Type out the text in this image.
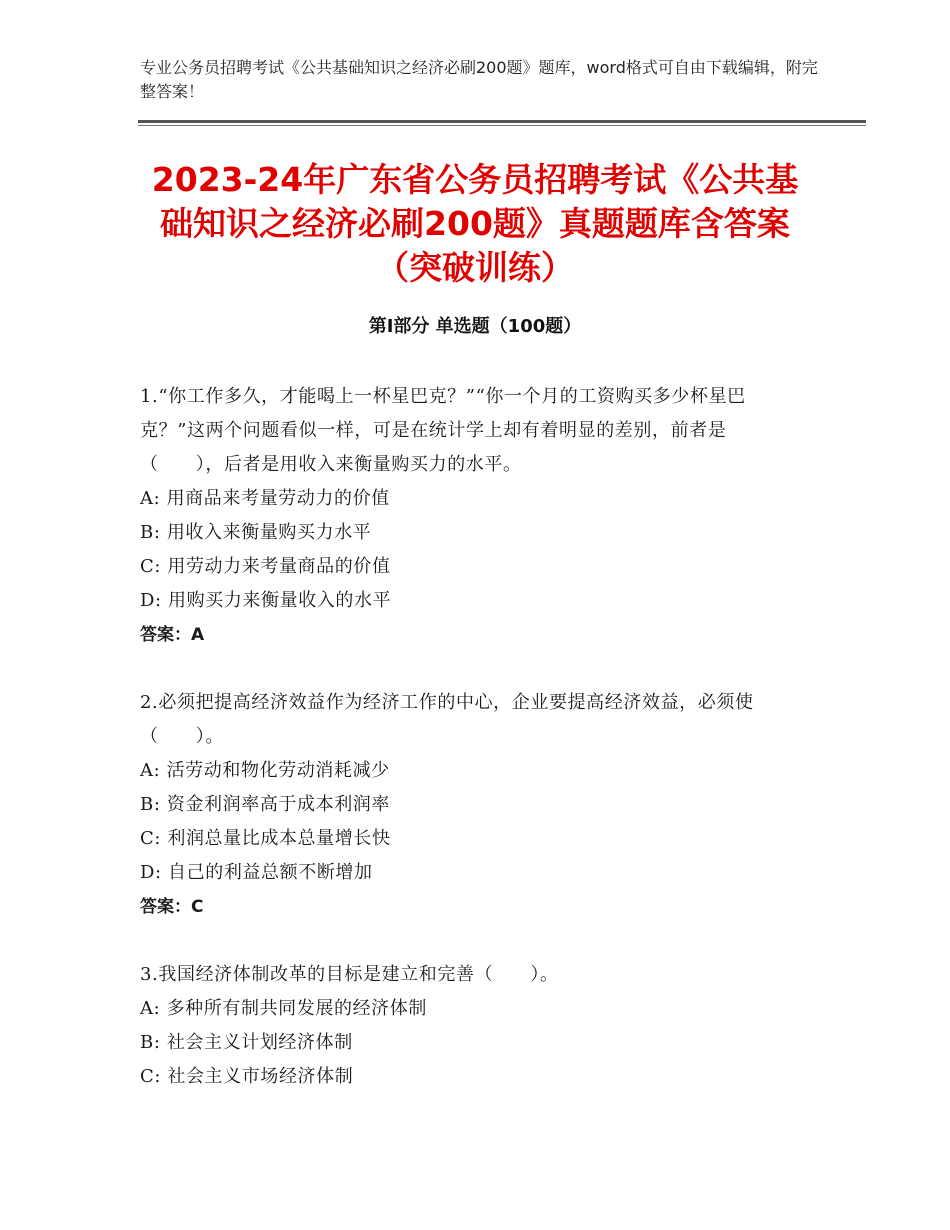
专业公务员招聘考试《公共基础知识之经济必刷200题》题库，word格式可自由下载编辑，附完整答案！
2023-24年广东省公务员招聘考试《公共基础知识之经济必刷200题》真题题库含答案（突破训练）
第Ⅰ部分 单选题（100题）
1.“你工作多久，才能喝上一杯星巴克？”“你一个月的工资购买多少杯星巴克？”这两个问题看似一样，可是在统计学上却有着明显的差别，前者是（　　），后者是用收入来衡量购买力的水平。
A: 用商品来考量劳动力的价值
B: 用收入来衡量购买力水平
C: 用劳动力来考量商品的价值
D: 用购买力来衡量收入的水平
答案：A
2.必须把提高经济效益作为经济工作的中心，企业要提高经济效益，必须使（　　）。
A: 活劳动和物化劳动消耗减少
B: 资金利润率高于成本利润率
C: 利润总量比成本总量增长快
D: 自己的利益总额不断增加
答案：C
3.我国经济体制改革的目标是建立和完善（　　）。
A: 多种所有制共同发展的经济体制
B: 社会主义计划经济体制
C: 社会主义市场经济体制
